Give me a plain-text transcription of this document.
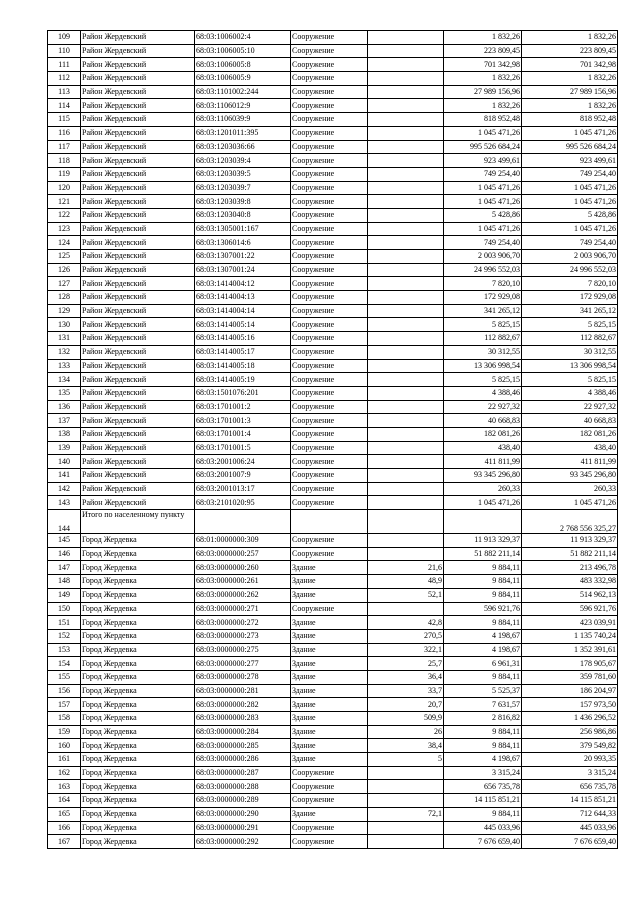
109	Район Жердевский	68:03:1006002:4	Сооружение		1 832,26	1 832,26
110	Район Жердевский	68:03:1006005:10	Сооружение		223 809,45	223 809,45
111	Район Жердевский	68:03:1006005:8	Сооружение		701 342,98	701 342,98
112	Район Жердевский	68:03:1006005:9	Сооружение		1 832,26	1 832,26
113	Район Жердевский	68:03:1101002:244	Сооружение		27 989 156,96	27 989 156,96
114	Район Жердевский	68:03:1106012:9	Сооружение		1 832,26	1 832,26
115	Район Жердевский	68:03:1106039:9	Сооружение		818 952,48	818 952,48
116	Район Жердевский	68:03:1201011:395	Сооружение		1 045 471,26	1 045 471,26
117	Район Жердевский	68:03:1203036:66	Сооружение		995 526 684,24	995 526 684,24
118	Район Жердевский	68:03:1203039:4	Сооружение		923 499,61	923 499,61
119	Район Жердевский	68:03:1203039:5	Сооружение		749 254,40	749 254,40
120	Район Жердевский	68:03:1203039:7	Сооружение		1 045 471,26	1 045 471,26
121	Район Жердевский	68:03:1203039:8	Сооружение		1 045 471,26	1 045 471,26
122	Район Жердевский	68:03:1203040:8	Сооружение		5 428,86	5 428,86
123	Район Жердевский	68:03:1305001:167	Сооружение		1 045 471,26	1 045 471,26
124	Район Жердевский	68:03:1306014:6	Сооружение		749 254,40	749 254,40
125	Район Жердевский	68:03:1307001:22	Сооружение		2 003 906,70	2 003 906,70
126	Район Жердевский	68:03:1307001:24	Сооружение		24 996 552,03	24 996 552,03
127	Район Жердевский	68:03:1414004:12	Сооружение		7 820,10	7 820,10
128	Район Жердевский	68:03:1414004:13	Сооружение		172 929,08	172 929,08
129	Район Жердевский	68:03:1414004:14	Сооружение		341 265,12	341 265,12
130	Район Жердевский	68:03:1414005:14	Сооружение		5 825,15	5 825,15
131	Район Жердевский	68:03:1414005:16	Сооружение		112 882,67	112 882,67
132	Район Жердевский	68:03:1414005:17	Сооружение		30 312,55	30 312,55
133	Район Жердевский	68:03:1414005:18	Сооружение		13 306 998,54	13 306 998,54
134	Район Жердевский	68:03:1414005:19	Сооружение		5 825,15	5 825,15
135	Район Жердевский	68:03:1501076:201	Сооружение		4 388,46	4 388,46
136	Район Жердевский	68:03:1701001:2	Сооружение		22 927,32	22 927,32
137	Район Жердевский	68:03:1701001:3	Сооружение		40 668,83	40 668,83
138	Район Жердевский	68:03:1701001:4	Сооружение		182 081,26	182 081,26
139	Район Жердевский	68:03:1701001:5	Сооружение		438,40	438,40
140	Район Жердевский	68:03:2001006:24	Сооружение		411 811,99	411 811,99
141	Район Жердевский	68:03:2001007:9	Сооружение		93 345 296,80	93 345 296,80
142	Район Жердевский	68:03:2001013:17	Сооружение		260,33	260,33
143	Район Жердевский	68:03:2101020:95	Сооружение		1 045 471,26	1 045 471,26
144	Итого по населенному пункту					2 768 556 325,27
145	Город Жердевка	68:01:0000000:309	Сооружение		11 913 329,37	11 913 329,37
146	Город Жердевка	68:03:0000000:257	Сооружение		51 882 211,14	51 882 211,14
147	Город Жердевка	68:03:0000000:260	Здание	21,6	9 884,11	213 496,78
148	Город Жердевка	68:03:0000000:261	Здание	48,9	9 884,11	483 332,98
149	Город Жердевка	68:03:0000000:262	Здание	52,1	9 884,11	514 962,13
150	Город Жердевка	68:03:0000000:271	Сооружение		596 921,76	596 921,76
151	Город Жердевка	68:03:0000000:272	Здание	42,8	9 884,11	423 039,91
152	Город Жердевка	68:03:0000000:273	Здание	270,5	4 198,67	1 135 740,24
153	Город Жердевка	68:03:0000000:275	Здание	322,1	4 198,67	1 352 391,61
154	Город Жердевка	68:03:0000000:277	Здание	25,7	6 961,31	178 905,67
155	Город Жердевка	68:03:0000000:278	Здание	36,4	9 884,11	359 781,60
156	Город Жердевка	68:03:0000000:281	Здание	33,7	5 525,37	186 204,97
157	Город Жердевка	68:03:0000000:282	Здание	20,7	7 631,57	157 973,50
158	Город Жердевка	68:03:0000000:283	Здание	509,9	2 816,82	1 436 296,52
159	Город Жердевка	68:03:0000000:284	Здание	26	9 884,11	256 986,86
160	Город Жердевка	68:03:0000000:285	Здание	38,4	9 884,11	379 549,82
161	Город Жердевка	68:03:0000000:286	Здание	5	4 198,67	20 993,35
162	Город Жердевка	68:03:0000000:287	Сооружение		3 315,24	3 315,24
163	Город Жердевка	68:03:0000000:288	Сооружение		656 735,78	656 735,78
164	Город Жердевка	68:03:0000000:289	Сооружение		14 115 851,21	14 115 851,21
165	Город Жердевка	68:03:0000000:290	Здание	72,1	9 884,11	712 644,33
166	Город Жердевка	68:03:0000000:291	Сооружение		445 033,96	445 033,96
167	Город Жердевка	68:03:0000000:292	Сооружение		7 676 659,40	7 676 659,40
